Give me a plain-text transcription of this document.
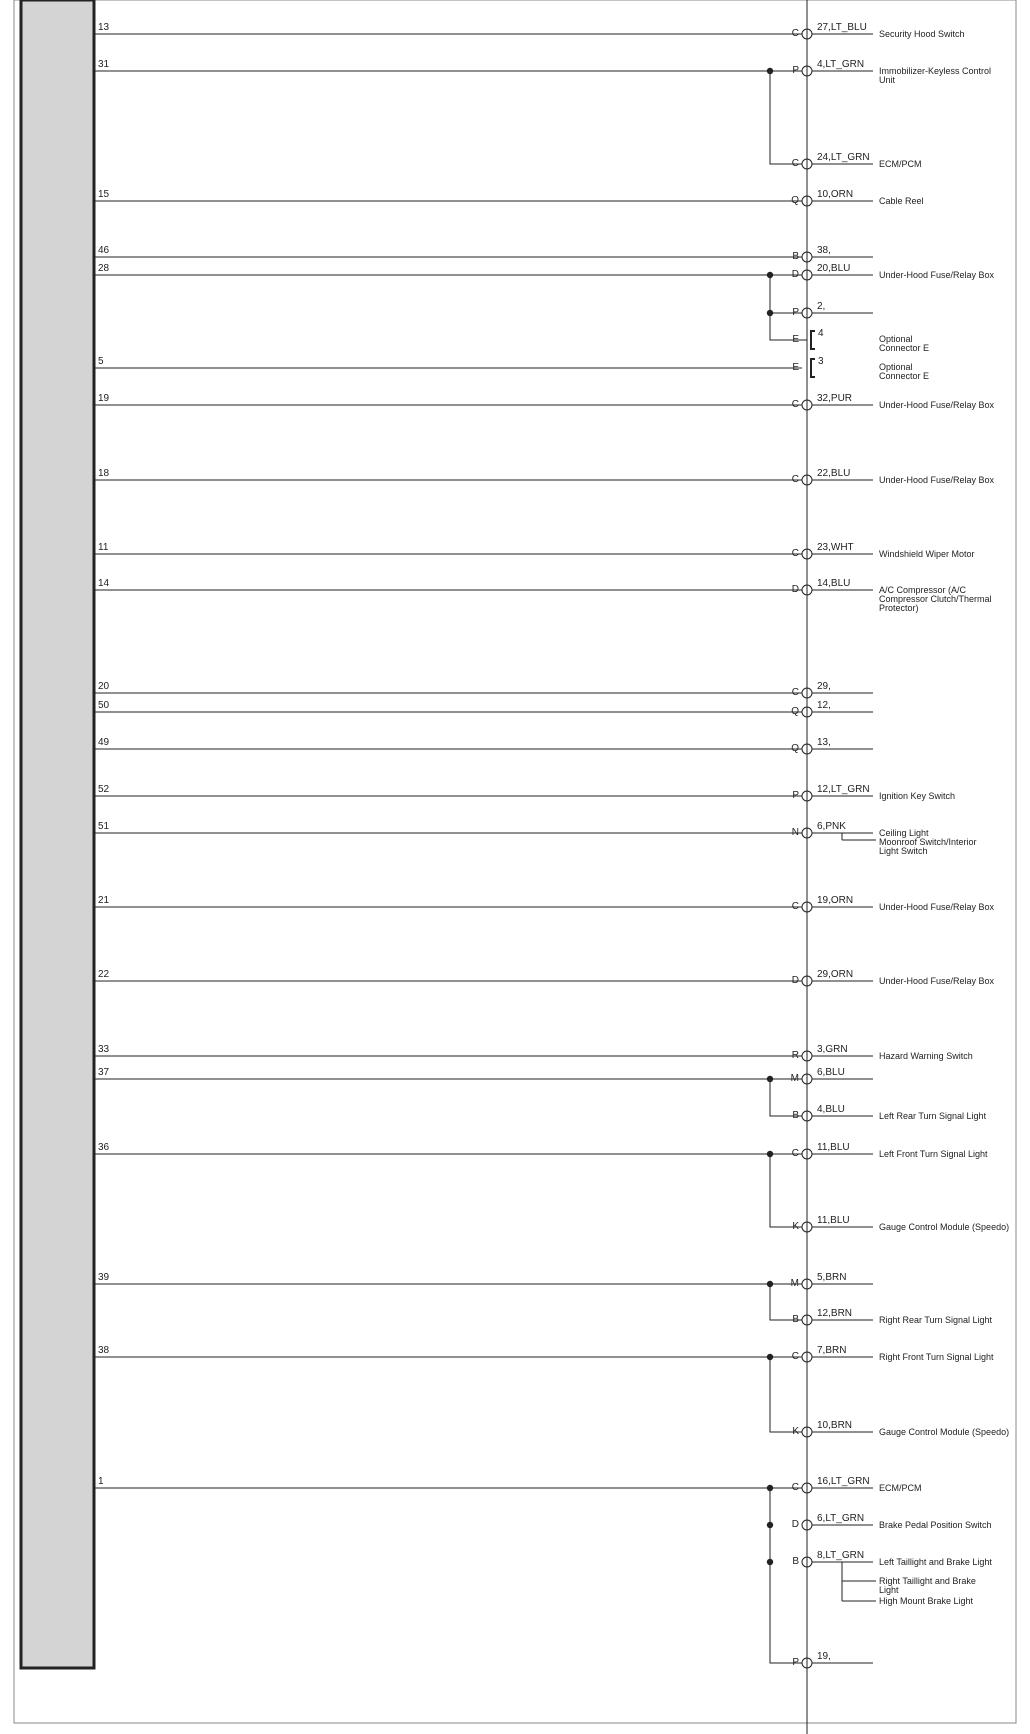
13
C
27,LT_BLU
Security Hood Switch
31
P
4,LT_GRN
Immobilizer-Keyless Control Unit
C
24,LT_GRN
ECM/PCM
15
Q
10,ORN
Cable Reel
46
B
38,
28
D
20,BLU
Under-Hood Fuse/Relay Box
P
2,
E
4	Optional Connector E
5
E
3	Optional Connector E
19
C
32,PUR
Under-Hood Fuse/Relay Box
18
C
22,BLU
Under-Hood Fuse/Relay Box
11
C
23,WHT
Windshield Wiper Motor
14
D
14,BLU
A/C Compressor (A/C Compressor Clutch/Thermal Protector)
20
C
29,
50
Q
12,
49
Q
13,
52
P
12,LT_GRN
Ignition Key Switch
51
N
6,PNK
Ceiling Light Moonroof Switch/Interior Light Switch
21
C
19,ORN
Under-Hood Fuse/Relay Box
22
D
29,ORN
Under-Hood Fuse/Relay Box
33
R
3,GRN
Hazard Warning Switch
37
M
6,BLU
B
4,BLU
Left Rear Turn Signal Light
36
C
11,BLU
Left Front Turn Signal Light
K
11,BLU
Gauge Control Module (Speedo)
39
M
5,BRN
B
12,BRN
Right Rear Turn Signal Light
38
C
7,BRN
Right Front Turn Signal Light
K
10,BRN
Gauge Control Module (Speedo)
1
C
16,LT_GRN
ECM/PCM
D
6,LT_GRN
Brake Pedal Position Switch
B
8,LT_GRN
Left Taillight and Brake Light
P
19,
Right Taillight and Brake Light
High Mount Brake Light
